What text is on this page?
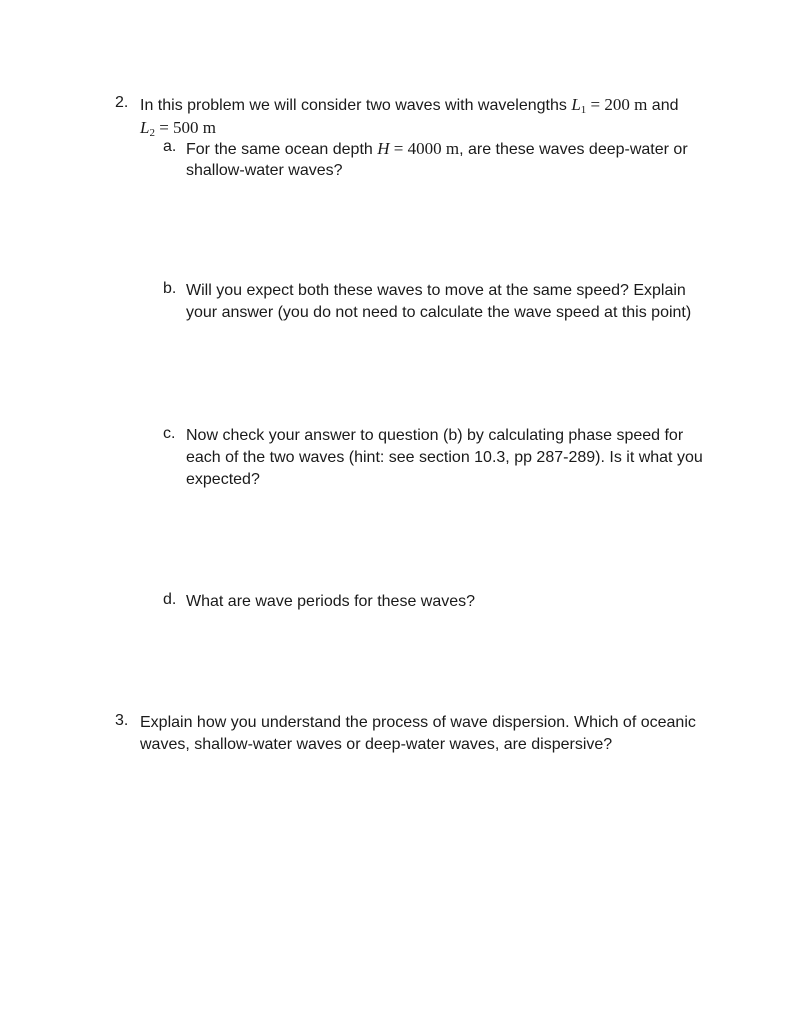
2. In this problem we will consider two waves with wavelengths $L_1 = 200$ m and
$L_2 = 500$ m
a. For the same ocean depth H = 4000 m, are these waves deep-water or
shallow-water waves?
b. Will you expect both these waves to move at the same speed? Explain
your answer (you do not need to calculate the wave speed at this point)
c. Now check your answer to question (b) by calculating phase speed for
each of the two waves (hint: see section 10.3, pp 287-289). Is it what you
expected?
d. What are wave periods for these waves?
3. Explain how you understand the process of wave dispersion. Which of oceanic
waves, shallow-water waves or deep-water waves, are dispersive?
